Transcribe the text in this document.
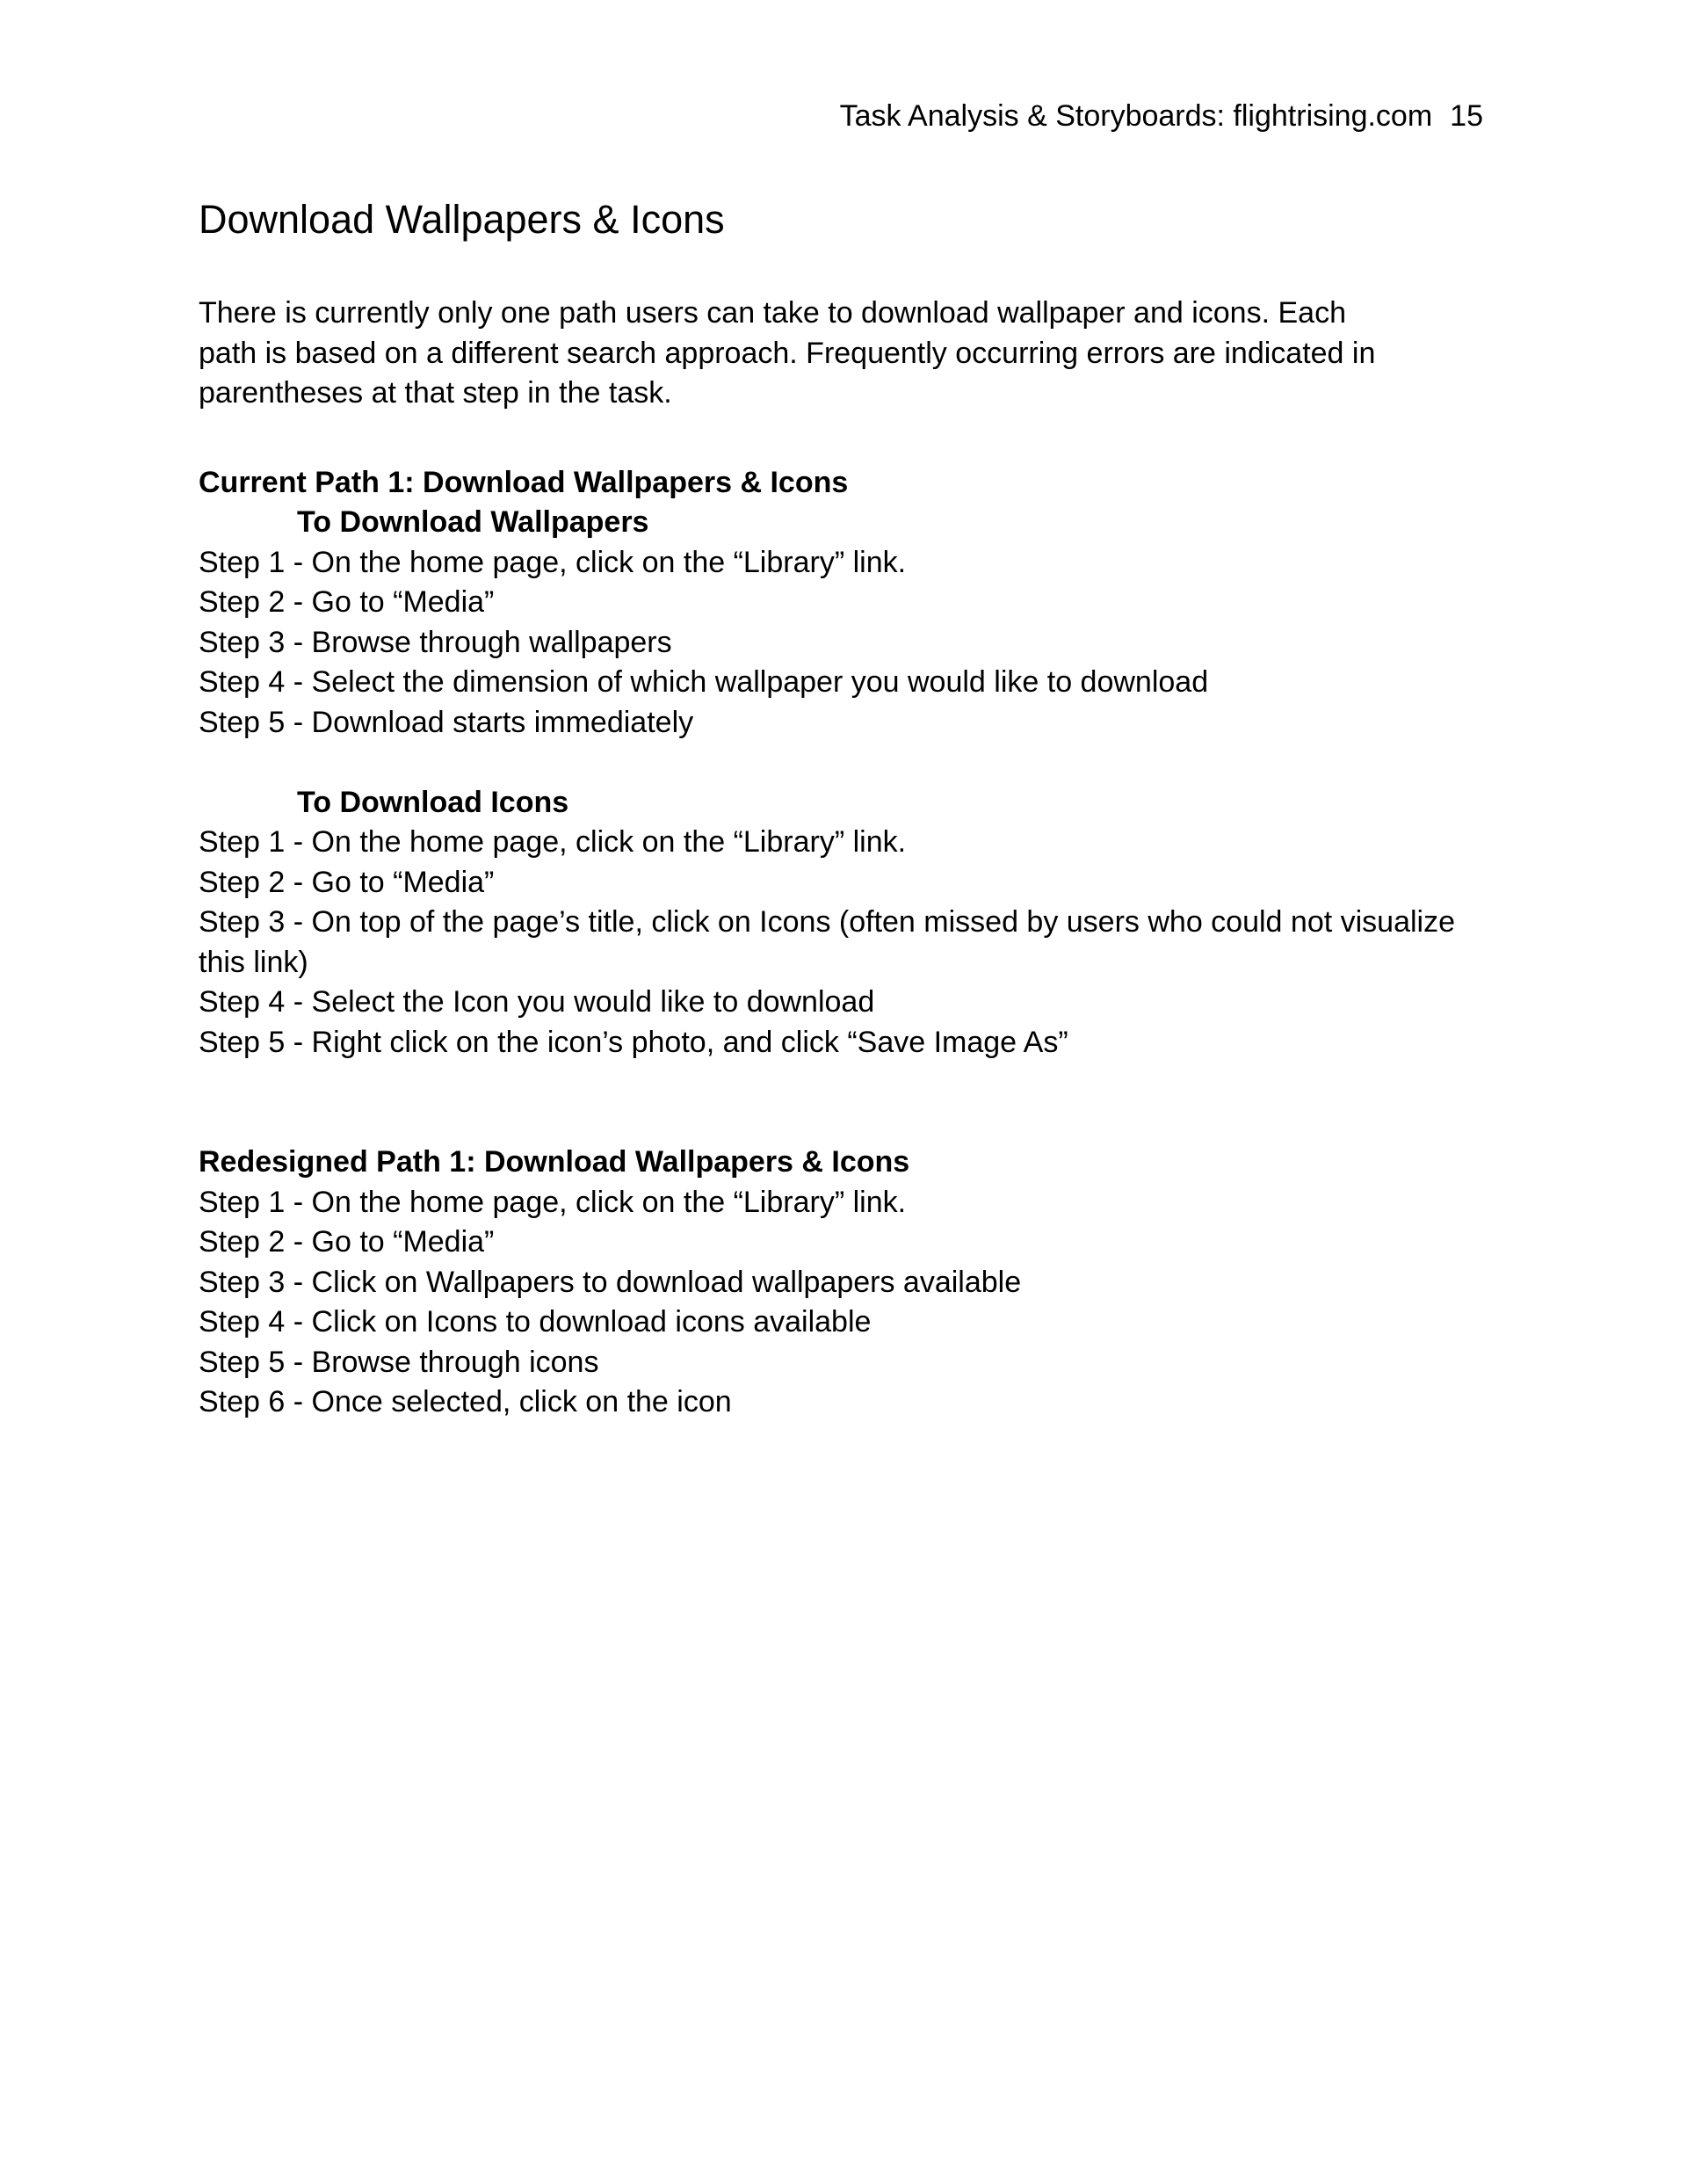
Task Analysis & Storyboards: flightrising.com 15
Download Wallpapers & Icons

There is currently only one path users can take to download wallpaper and icons. Each

path is based on a different search approach. Frequently occurring errors are indicated in

parentheses at that step in the task.

Current Path 1: Download Wallpapers & Icons

To Download Wallpapers

Step 1 - On the home page, click on the “Library” link.

Step 2 - Go to “Media”

Step 3 - Browse through wallpapers

Step 4 - Select the dimension of which wallpaper you would like to download

Step 5 - Download starts immediately

To Download Icons

Step 1 - On the home page, click on the “Library” link.

Step 2 - Go to “Media”

Step 3 - On top of the page’s title, click on Icons (often missed by users who could not visualize this link)

Step 4 - Select the Icon you would like to download

Step 5 - Right click on the icon’s photo, and click “Save Image As”

Redesigned Path 1: Download Wallpapers & Icons

Step 1 - On the home page, click on the “Library” link.

Step 2 - Go to “Media”

Step 3 - Click on Wallpapers to download wallpapers available

Step 4 - Click on Icons to download icons available

Step 5 - Browse through icons

Step 6 - Once selected, click on the icon
